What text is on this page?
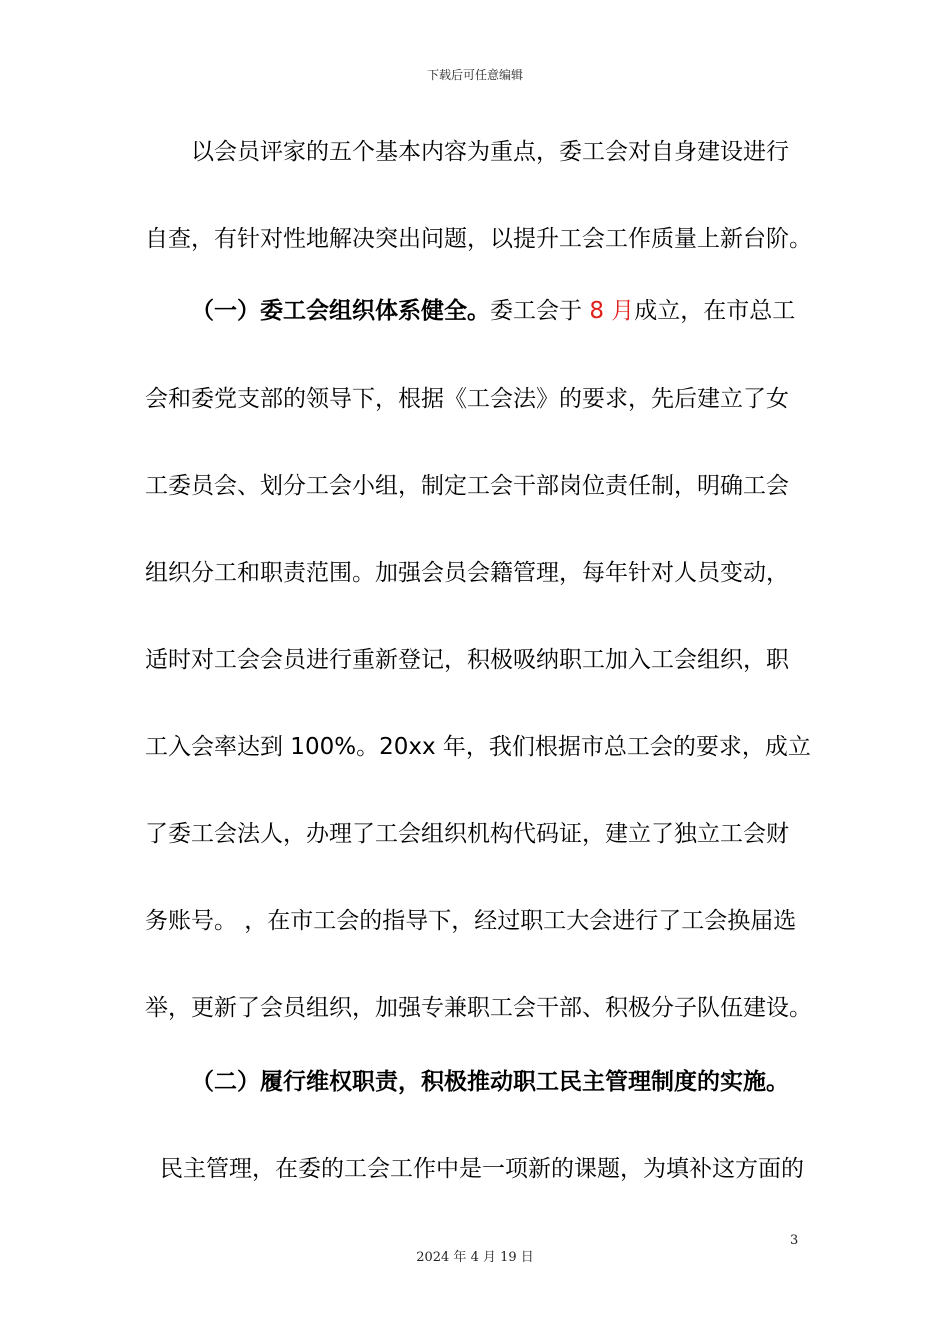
下载后可任意编辑
以会员评家的五个基本内容为重点，委工会对自身建设进行
自查，有针对性地解决突出问题，以提升工会工作质量上新台阶。
（一）委工会组织体系健全。委工会于 8 月成立，在市总工
会和委党支部的领导下，根据《工会法》的要求，先后建立了女
工委员会、划分工会小组，制定工会干部岗位责任制，明确工会
组织分工和职责范围。加强会员会籍管理，每年针对人员变动，
适时对工会会员进行重新登记，积极吸纳职工加入工会组织，职
工入会率达到 100%。20xx 年，我们根据市总工会的要求，成立
了委工会法人，办理了工会组织机构代码证，建立了独立工会财
务账号。 ，在市工会的指导下，经过职工大会进行了工会换届选
举，更新了会员组织，加强专兼职工会干部、积极分子队伍建设。
（二）履行维权职责，积极推动职工民主管理制度的实施。
民主管理，在委的工会工作中是一项新的课题，为填补这方面的
3
2024 年 4 月 19 日
